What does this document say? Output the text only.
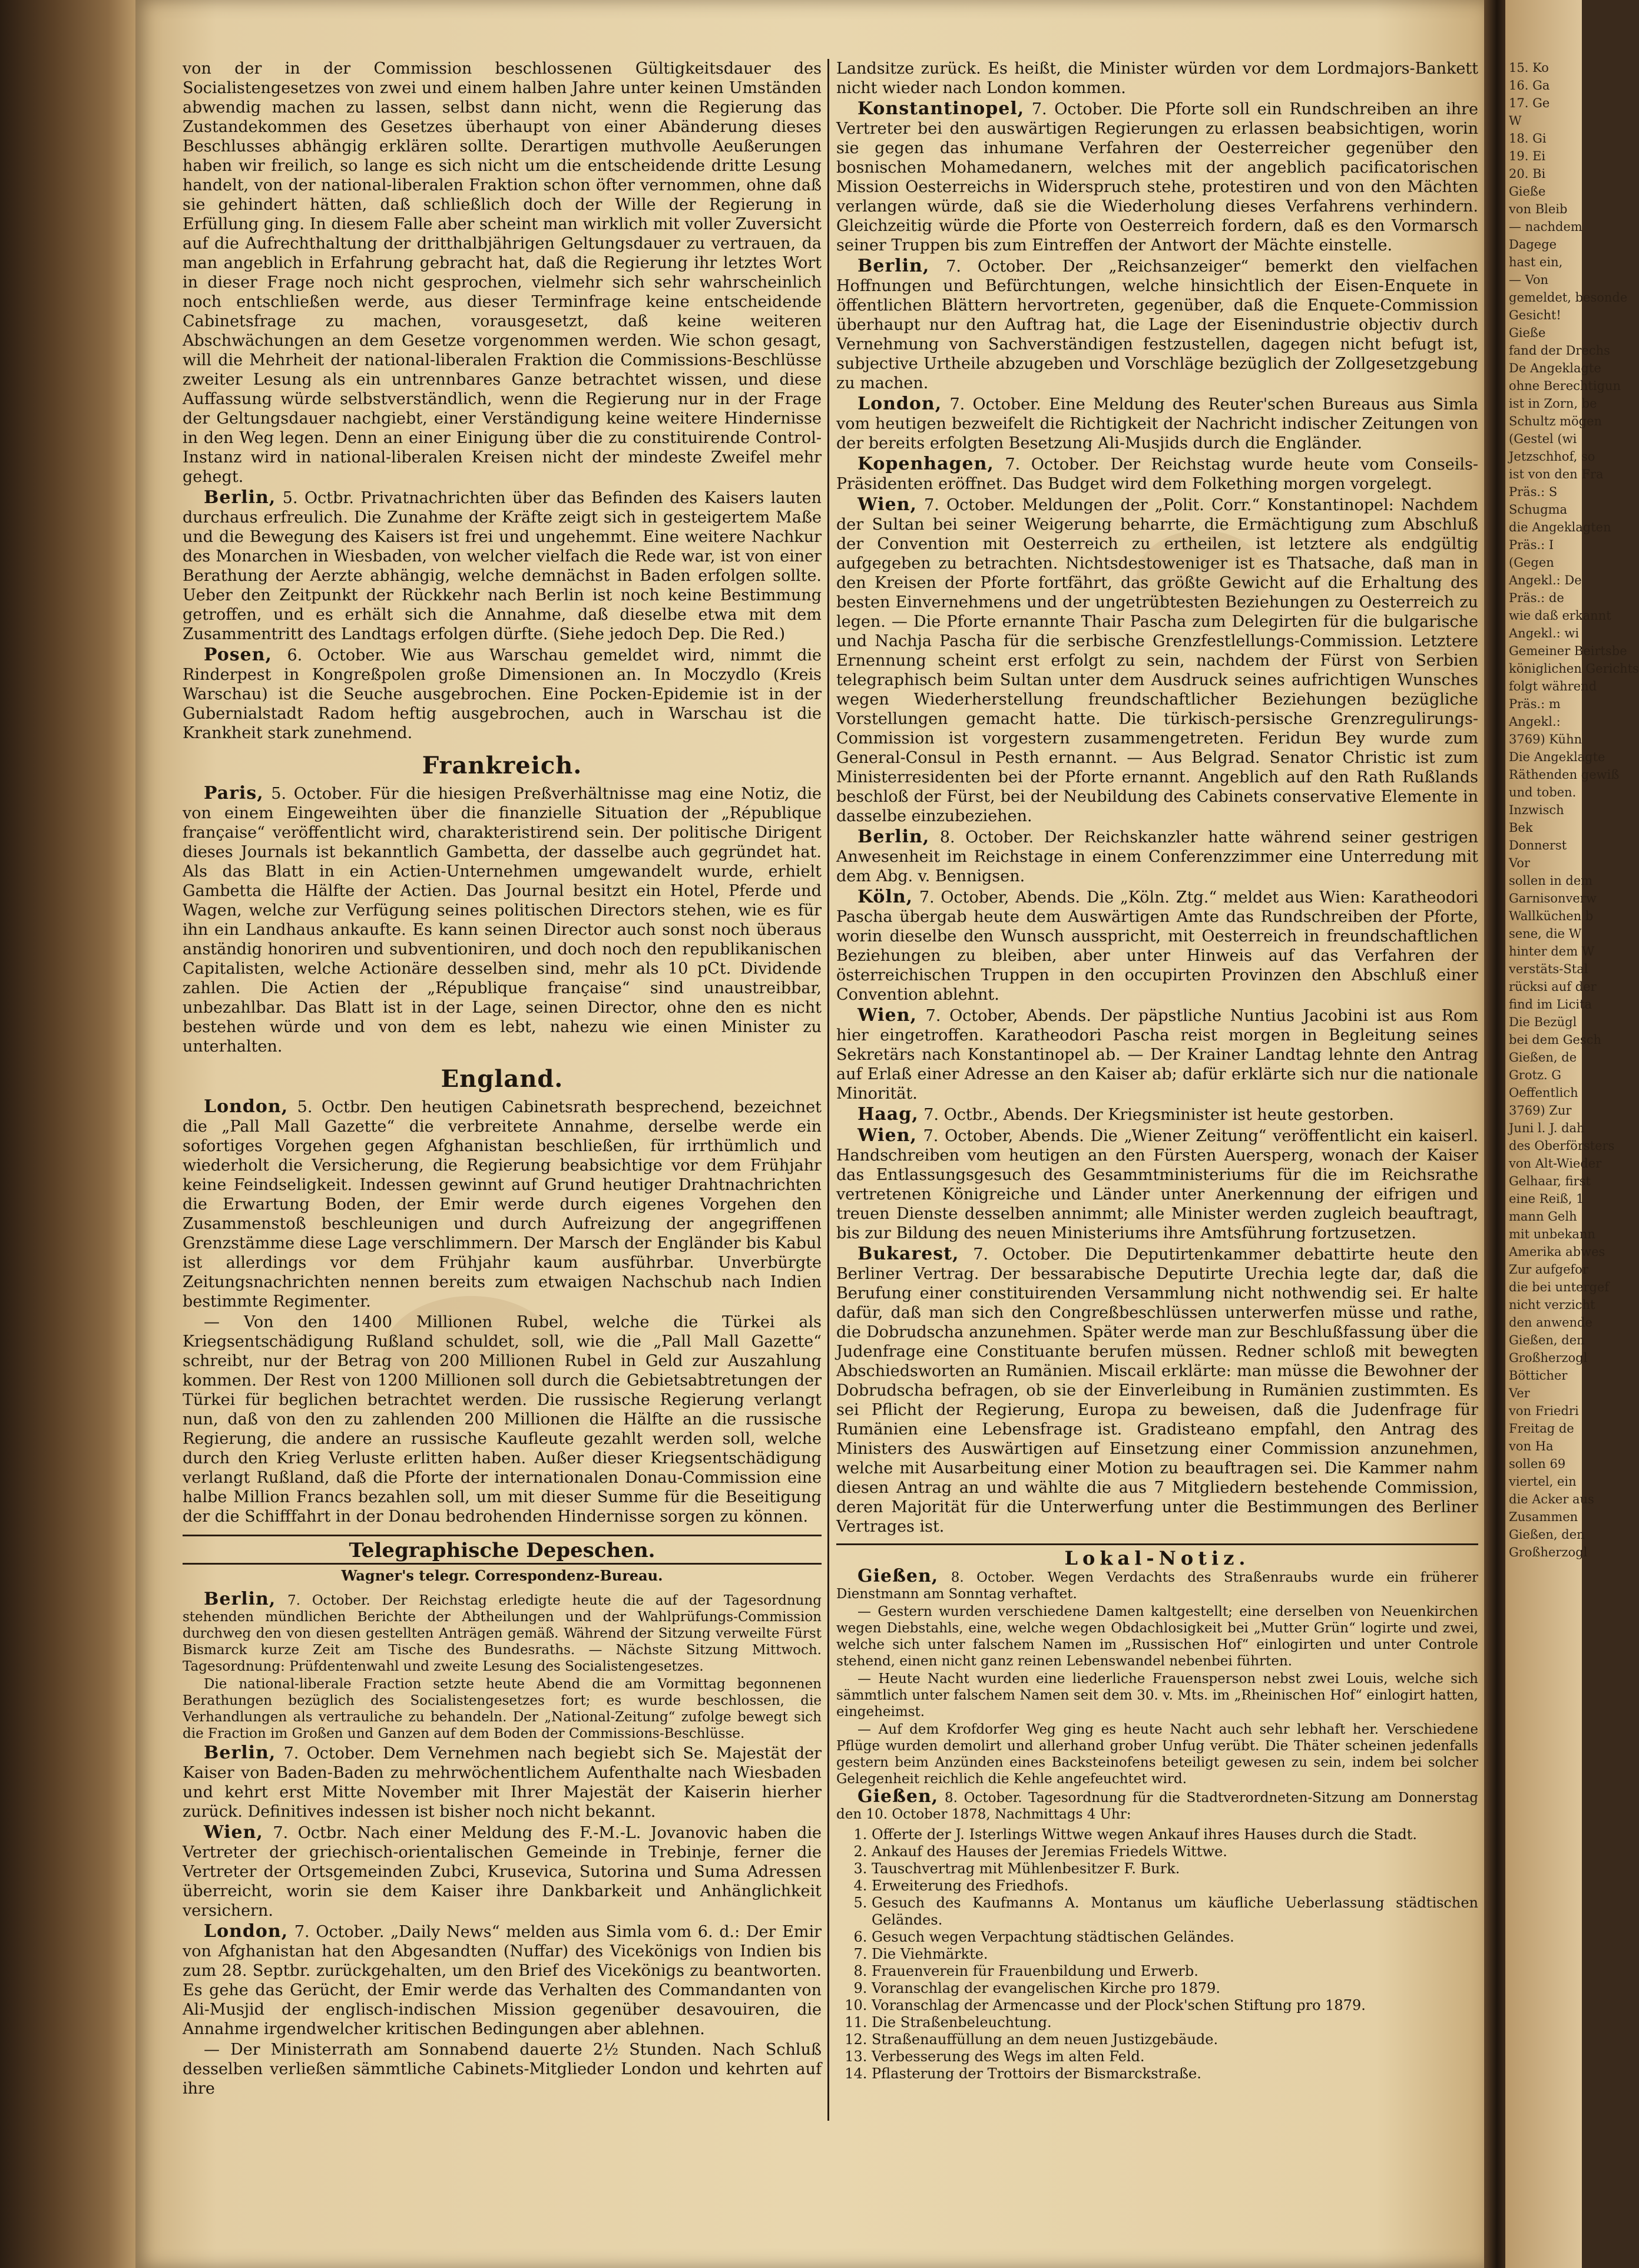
von der in der Commission beschlossenen Gültigkeitsdauer des Socialistengesetzes von zwei und einem halben Jahre unter keinen Umständen abwendig machen zu lassen, selbst dann nicht, wenn die Regierung das Zustandekommen des Gesetzes überhaupt von einer Abänderung dieses Beschlusses abhängig erklären sollte. Derartigen muthvolle Aeußerungen haben wir freilich, so lange es sich nicht um die entscheidende dritte Lesung handelt, von der national-liberalen Fraktion schon öfter vernommen, ohne daß sie gehindert hätten, daß schließlich doch der Wille der Regierung in Erfüllung ging. In diesem Falle aber scheint man wirklich mit voller Zuversicht auf die Aufrechthaltung der dritthalbjährigen Geltungsdauer zu vertrauen, da man angeblich in Erfahrung gebracht hat, daß die Regierung ihr letztes Wort in dieser Frage noch nicht gesprochen, vielmehr sich sehr wahrscheinlich noch entschließen werde, aus dieser Terminfrage keine entscheidende Cabinetsfrage zu machen, vorausgesetzt, daß keine weiteren Abschwächungen an dem Gesetze vorgenommen werden. Wie schon gesagt, will die Mehrheit der national-liberalen Fraktion die Commissions-Beschlüsse zweiter Lesung als ein untrennbares Ganze betrachtet wissen, und diese Auffassung würde selbstverständlich, wenn die Regierung nur in der Frage der Geltungsdauer nachgiebt, einer Verständigung keine weitere Hindernisse in den Weg legen. Denn an einer Einigung über die zu constituirende Control-Instanz wird in national-liberalen Kreisen nicht der mindeste Zweifel mehr gehegt.

Berlin, 5. Octbr. Privatnachrichten über das Befinden des Kaisers lauten durchaus erfreulich. Die Zunahme der Kräfte zeigt sich in gesteigertem Maße und die Bewegung des Kaisers ist frei und ungehemmt. Eine weitere Nachkur des Monarchen in Wiesbaden, von welcher vielfach die Rede war, ist von einer Berathung der Aerzte abhängig, welche demnächst in Baden erfolgen sollte. Ueber den Zeitpunkt der Rückkehr nach Berlin ist noch keine Bestimmung getroffen, und es erhält sich die Annahme, daß dieselbe etwa mit dem Zusammentritt des Landtags erfolgen dürfte. (Siehe jedoch Dep. Die Red.)

Posen, 6. October. Wie aus Warschau gemeldet wird, nimmt die Rinderpest in Kongreßpolen große Dimensionen an. In Moczydlo (Kreis Warschau) ist die Seuche ausgebrochen. Eine Pocken-Epidemie ist in der Gubernialstadt Radom heftig ausgebrochen, auch in Warschau ist die Krankheit stark zunehmend.

Frankreich.

Paris, 5. October. Für die hiesigen Preßverhältnisse mag eine Notiz, die von einem Eingeweihten über die finanzielle Situation der „République française“ veröffentlicht wird, charakteristirend sein. Der politische Dirigent dieses Journals ist bekanntlich Gambetta, der dasselbe auch gegründet hat. Als das Blatt in ein Actien-Unternehmen umgewandelt wurde, erhielt Gambetta die Hälfte der Actien. Das Journal besitzt ein Hotel, Pferde und Wagen, welche zur Verfügung seines politischen Directors stehen, wie es für ihn ein Landhaus ankaufte. Es kann seinen Director auch sonst noch überaus anständig honoriren und subventioniren, und doch noch den republikanischen Capitalisten, welche Actionäre desselben sind, mehr als 10 pCt. Dividende zahlen. Die Actien der „République française“ sind unaustreibbar, unbezahlbar. Das Blatt ist in der Lage, seinen Director, ohne den es nicht bestehen würde und von dem es lebt, nahezu wie einen Minister zu unterhalten.

England.

London, 5. Octbr. Den heutigen Cabinetsrath besprechend, bezeichnet die „Pall Mall Gazette“ die verbreitete Annahme, derselbe werde ein sofortiges Vorgehen gegen Afghanistan beschließen, für irrthümlich und wiederholt die Versicherung, die Regierung beabsichtige vor dem Frühjahr keine Feindseligkeit. Indessen gewinnt auf Grund heutiger Drahtnachrichten die Erwartung Boden, der Emir werde durch eigenes Vorgehen den Zusammenstoß beschleunigen und durch Aufreizung der angegriffenen Grenzstämme diese Lage verschlimmern. Der Marsch der Engländer bis Kabul ist allerdings vor dem Frühjahr kaum ausführbar. Unverbürgte Zeitungsnachrichten nennen bereits zum etwaigen Nachschub nach Indien bestimmte Regimenter.

— Von den 1400 Millionen Rubel, welche die Türkei als Kriegsentschädigung Rußland schuldet, soll, wie die „Pall Mall Gazette“ schreibt, nur der Betrag von 200 Millionen Rubel in Geld zur Auszahlung kommen. Der Rest von 1200 Millionen soll durch die Gebietsabtretungen der Türkei für beglichen betrachtet werden. Die russische Regierung verlangt nun, daß von den zu zahlenden 200 Millionen die Hälfte an die russische Regierung, die andere an russische Kaufleute gezahlt werden soll, welche durch den Krieg Verluste erlitten haben. Außer dieser Kriegsentschädigung verlangt Rußland, daß die Pforte der internationalen Donau-Commission eine halbe Million Francs bezahlen soll, um mit dieser Summe für die Beseitigung der die Schifffahrt in der Donau bedrohenden Hindernisse sorgen zu können.

Telegraphische Depeschen.
Wagner's telegr. Correspondenz-Bureau.

Berlin, 7. October. Der Reichstag erledigte heute die auf der Tagesordnung stehenden mündlichen Berichte der Abtheilungen und der Wahlprüfungs-Commission durchweg den von diesen gestellten Anträgen gemäß. Während der Sitzung verweilte Fürst Bismarck kurze Zeit am Tische des Bundesraths. — Nächste Sitzung Mittwoch. Tagesordnung: Prüfdentenwahl und zweite Lesung des Socialistengesetzes.

Die national-liberale Fraction setzte heute Abend die am Vormittag begonnenen Berathungen bezüglich des Socialistengesetzes fort; es wurde beschlossen, die Verhandlungen als vertrauliche zu behandeln. Der „National-Zeitung“ zufolge bewegt sich die Fraction im Großen und Ganzen auf dem Boden der Commissions-Beschlüsse.

Berlin, 7. October. Dem Vernehmen nach begiebt sich Se. Majestät der Kaiser von Baden-Baden zu mehrwöchentlichem Aufenthalte nach Wiesbaden und kehrt erst Mitte November mit Ihrer Majestät der Kaiserin hierher zurück. Definitives indessen ist bisher noch nicht bekannt.

Wien, 7. Octbr. Nach einer Meldung des F.-M.-L. Jovanovic haben die Vertreter der griechisch-orientalischen Gemeinde in Trebinje, ferner die Vertreter der Ortsgemeinden Zubci, Krusevica, Sutorina und Suma Adressen überreicht, worin sie dem Kaiser ihre Dankbarkeit und Anhänglichkeit versichern.

London, 7. October. „Daily News“ melden aus Simla vom 6. d.: Der Emir von Afghanistan hat den Abgesandten (Nuffar) des Vicekönigs von Indien bis zum 28. Septbr. zurückgehalten, um den Brief des Vicekönigs zu beantworten. Es gehe das Gerücht, der Emir werde das Verhalten des Commandanten von Ali-Musjid der englisch-indischen Mission gegenüber desavouiren, die Annahme irgendwelcher kritischen Bedingungen aber ablehnen.

— Der Ministerrath am Sonnabend dauerte 2½ Stunden. Nach Schluß desselben verließen sämmtliche Cabinets-Mitglieder London und kehrten auf ihre

Landsitze zurück. Es heißt, die Minister würden vor dem Lordmajors-Bankett nicht wieder nach London kommen.

Konstantinopel, 7. October. Die Pforte soll ein Rundschreiben an ihre Vertreter bei den auswärtigen Regierungen zu erlassen beabsichtigen, worin sie gegen das inhumane Verfahren der Oesterreicher gegenüber den bosnischen Mohamedanern, welches mit der angeblich pacificatorischen Mission Oesterreichs in Widerspruch stehe, protestiren und von den Mächten verlangen würde, daß sie die Wiederholung dieses Verfahrens verhindern. Gleichzeitig würde die Pforte von Oesterreich fordern, daß es den Vormarsch seiner Truppen bis zum Eintreffen der Antwort der Mächte einstelle.

Berlin, 7. October. Der „Reichsanzeiger“ bemerkt den vielfachen Hoffnungen und Befürchtungen, welche hinsichtlich der Eisen-Enquete in öffentlichen Blättern hervortreten, gegenüber, daß die Enquete-Commission überhaupt nur den Auftrag hat, die Lage der Eisenindustrie objectiv durch Vernehmung von Sachverständigen festzustellen, dagegen nicht befugt ist, subjective Urtheile abzugeben und Vorschläge bezüglich der Zollgesetzgebung zu machen.

London, 7. October. Eine Meldung des Reuter'schen Bureaus aus Simla vom heutigen bezweifelt die Richtigkeit der Nachricht indischer Zeitungen von der bereits erfolgten Besetzung Ali-Musjids durch die Engländer.

Kopenhagen, 7. October. Der Reichstag wurde heute vom Conseils-Präsidenten eröffnet. Das Budget wird dem Folkething morgen vorgelegt.

Wien, 7. October. Meldungen der „Polit. Corr.“ Konstantinopel: Nachdem der Sultan bei seiner Weigerung beharrte, die Ermächtigung zum Abschluß der Convention mit Oesterreich zu ertheilen, ist letztere als endgültig aufgegeben zu betrachten. Nichtsdestoweniger ist es Thatsache, daß man in den Kreisen der Pforte fortfährt, das größte Gewicht auf die Erhaltung des besten Einvernehmens und der ungetrübtesten Beziehungen zu Oesterreich zu legen. — Die Pforte ernannte Thair Pascha zum Delegirten für die bulgarische und Nachja Pascha für die serbische Grenzfestlellungs-Commission. Letztere Ernennung scheint erst erfolgt zu sein, nachdem der Fürst von Serbien telegraphisch beim Sultan unter dem Ausdruck seines aufrichtigen Wunsches wegen Wiederherstellung freundschaftlicher Beziehungen bezügliche Vorstellungen gemacht hatte. Die türkisch-persische Grenzregulirungs-Commission ist vorgestern zusammengetreten. Feridun Bey wurde zum General-Consul in Pesth ernannt. — Aus Belgrad. Senator Christic ist zum Ministerresidenten bei der Pforte ernannt. Angeblich auf den Rath Rußlands beschloß der Fürst, bei der Neubildung des Cabinets conservative Elemente in dasselbe einzubeziehen.

Berlin, 8. October. Der Reichskanzler hatte während seiner gestrigen Anwesenheit im Reichstage in einem Conferenzzimmer eine Unterredung mit dem Abg. v. Bennigsen.

Köln, 7. October, Abends. Die „Köln. Ztg.“ meldet aus Wien: Karatheodori Pascha übergab heute dem Auswärtigen Amte das Rundschreiben der Pforte, worin dieselbe den Wunsch ausspricht, mit Oesterreich in freundschaftlichen Beziehungen zu bleiben, aber unter Hinweis auf das Verfahren der österreichischen Truppen in den occupirten Provinzen den Abschluß einer Convention ablehnt.

Wien, 7. October, Abends. Der päpstliche Nuntius Jacobini ist aus Rom hier eingetroffen. Karatheodori Pascha reist morgen in Begleitung seines Sekretärs nach Konstantinopel ab. — Der Krainer Landtag lehnte den Antrag auf Erlaß einer Adresse an den Kaiser ab; dafür erklärte sich nur die nationale Minorität.

Haag, 7. Octbr., Abends. Der Kriegsminister ist heute gestorben.

Wien, 7. October, Abends. Die „Wiener Zeitung“ veröffentlicht ein kaiserl. Handschreiben vom heutigen an den Fürsten Auersperg, wonach der Kaiser das Entlassungsgesuch des Gesammtministeriums für die im Reichsrathe vertretenen Königreiche und Länder unter Anerkennung der eifrigen und treuen Dienste desselben annimmt; alle Minister werden zugleich beauftragt, bis zur Bildung des neuen Ministeriums ihre Amtsführung fortzusetzen.

Bukarest, 7. October. Die Deputirtenkammer debattirte heute den Berliner Vertrag. Der bessarabische Deputirte Urechia legte dar, daß die Berufung einer constituirenden Versammlung nicht nothwendig sei. Er halte dafür, daß man sich den Congreßbeschlüssen unterwerfen müsse und rathe, die Dobrudscha anzunehmen. Später werde man zur Beschlußfassung über die Judenfrage eine Constituante berufen müssen. Redner schloß mit bewegten Abschiedsworten an Rumänien. Miscail erklärte: man müsse die Bewohner der Dobrudscha befragen, ob sie der Einverleibung in Rumänien zustimmten. Es sei Pflicht der Regierung, Europa zu beweisen, daß die Judenfrage für Rumänien eine Lebensfrage ist. Gradisteano empfahl, den Antrag des Ministers des Auswärtigen auf Einsetzung einer Commission anzunehmen, welche mit Ausarbeitung einer Motion zu beauftragen sei. Die Kammer nahm diesen Antrag an und wählte die aus 7 Mitgliedern bestehende Commission, deren Majorität für die Unterwerfung unter die Bestimmungen des Berliner Vertrages ist.

Lokal-Notiz.

Gießen, 8. October. Wegen Verdachts des Straßenraubs wurde ein früherer Dienstmann am Sonntag verhaftet.

— Gestern wurden verschiedene Damen kaltgestellt; eine derselben von Neuenkirchen wegen Diebstahls, eine, welche wegen Obdachlosigkeit bei „Mutter Grün“ logirte und zwei, welche sich unter falschem Namen im „Russischen Hof“ einlogirten und unter Controle stehend, einen nicht ganz reinen Lebenswandel nebenbei führten.

— Heute Nacht wurden eine liederliche Frauensperson nebst zwei Louis, welche sich sämmtlich unter falschem Namen seit dem 30. v. Mts. im „Rheinischen Hof“ einlogirt hatten, eingeheimst.

— Auf dem Krofdorfer Weg ging es heute Nacht auch sehr lebhaft her. Verschiedene Pflüge wurden demolirt und allerhand grober Unfug verübt. Die Thäter scheinen jedenfalls gestern beim Anzünden eines Backsteinofens beteiligt gewesen zu sein, indem bei solcher Gelegenheit reichlich die Kehle angefeuchtet wird.

Gießen, 8. October. Tagesordnung für die Stadtverordneten-Sitzung am Donnerstag den 10. October 1878, Nachmittags 4 Uhr:

1. Offerte der J. Isterlings Wittwe wegen Ankauf ihres Hauses durch die Stadt.
2. Ankauf des Hauses der Jeremias Friedels Wittwe.
3. Tauschvertrag mit Mühlenbesitzer F. Burk.
4. Erweiterung des Friedhofs.
5. Gesuch des Kaufmanns A. Montanus um käufliche Ueberlassung städtischen Geländes.
6. Gesuch wegen Verpachtung städtischen Geländes.
7. Die Viehmärkte.
8. Frauenverein für Frauenbildung und Erwerb.
9. Voranschlag der evangelischen Kirche pro 1879.
10. Voranschlag der Armencasse und der Plock'schen Stiftung pro 1879.
11. Die Straßenbeleuchtung.
12. Straßenauffüllung an dem neuen Justizgebäude.
13. Verbesserung des Wegs im alten Feld.
14. Pflasterung der Trottoirs der Bismarckstraße.
15. Ko
16. Ga
17. Ge
W
18. Gi
19. Ei
20. Bi
Gieße
von Bleib
— nachdem
Dagege
hast ein,
— Von
gemeldet, besonde
Gesicht!
Gieße
fand der Drechs
De Angeklagte
ohne Berechtigun
ist in Zorn, be
Schultz mögen
(Gestel (wi
Jetzschhof, so
ist von den Fra
Präs.: S
Schugma
die Angeklagten
Präs.: I
(Gegen
Angekl.: De
Präs.: de
wie daß erkannt
Angekl.: wi
Gemeiner Beirtsbe
königlichen Gerichts
folgt während
Präs.: m
Angekl.:
3769) Kühn
Die Angeklagte
Räthenden gewiß
und toben.
Inzwisch
Bek
Donnerst
Vor
sollen in dem
Garnisonverw
Wallküchen b
sene, die W
hinter dem W
verstäts-Stal
rücksi auf der
find im Licita
Die Bezügl
bei dem Gesch
Gießen, de
Grotz. G
Oeffentlich
3769) Zur
Juni l. J. dah
des Oberförsters
von Alt-Wieder
Gelhaar, first
eine Reiß, 1
mann Gelh
mit unbekann
Amerika abwes
Zur aufgefor
die bei untergef
nicht verzicht
den anwende
Gießen, den
Großherzogl
Bötticher
Ver
von Friedri
Freitag de
von Ha
sollen 69
viertel, ein
die Acker aus
Zusammen
Gießen, den
Großherzogl
